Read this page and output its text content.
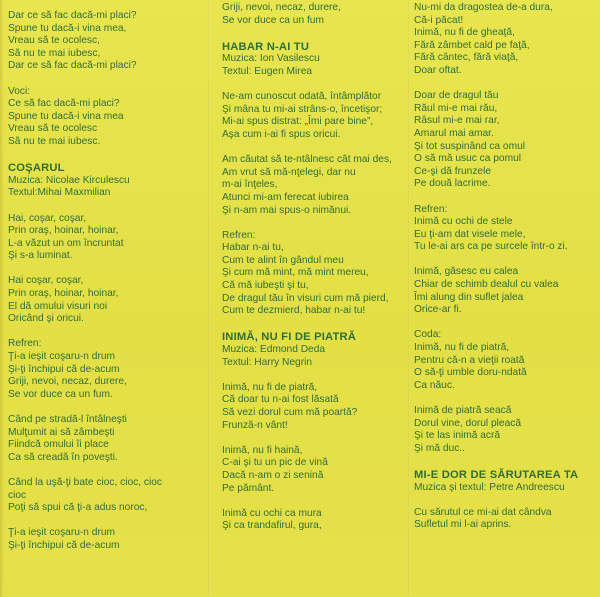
Dar ce să fac dacă-mi placi?
Spune tu dacă-i vina mea,
Vreau să te ocolesc,
Să nu te mai iubesc,
Dar ce să fac dacă-mi placi?
Voci:
Ce să fac dacă-mi placi?
Spune tu dacă-i vina mea
Vreau să te ocolesc
Să nu te mai iubesc.
COŞARUL
Muzica: Nicolae Kirculescu
Textul:Mihai Maxmilian
Hai, coşar, coşar,
Prin oraş, hoinar, hoinar,
L-a văzut un om încruntat
Şi s-a luminat.
Hai coşar, coşar,
Prin oraş, hoinar, hoinar,
El dă omului visuri noi
Oricând şi oricui.
Refren:
Ţi-a ieşit coşaru-n drum
Şi-ţi închipui că de-acum
Griji, nevoi, necaz, durere,
Se vor duce ca un fum.
Când pe stradă-l întâlneşti
Mulţumit ai să zâmbeşti
Fiindcă omului îi place
Ca să creadă în poveşti.
Când la uşă-ţi bate cioc, cioc, cioc
cioc
Poţi să spui că ţi-a adus noroc,
Ţi-a ieşit coşaru-n drum
Şi-ţi închipui că de-acum
Griji, nevoi, necaz, durere,
Se vor duce ca un fum
HABAR N-AI TU
Muzica: Ion Vasilescu
Textul: Eugen Mirea
Ne-am cunoscut odată, întâmplător
Şi mâna tu mi-ai strâns-o, încetişor;
Mi-ai spus distrat: „Îmi pare bine”,
Aşa cum i-ai fi spus oricui.
Am căutat să te-ntâlnesc cât mai des,
Am vrut să mă-nţelegi, dar nu
m-ai înţeles,
Atunci mi-am ferecat iubirea
Şi n-am mai spus-o nimănui.
Refren:
Habar n-ai tu,
Cum te alint în gândul meu
Şi cum mă mint, mă mint mereu,
Că mă iubeşti şi tu,
De dragul tău în visuri cum mă pierd,
Cum te dezmierd, habar n-ai tu!
INIMĂ, NU FI DE PIATRĂ
Muzica: Edmond Deda
Textul: Harry Negrin
Inimă, nu fi de piatră,
Că doar tu n-ai fost lăsată
Să vezi dorul cum mă poartă?
Frunză-n vânt!
Inimă, nu fi haină,
C-ai şi tu un pic de vină
Dacă n-am o zi senină
Pe pământ.
Inimă cu ochi ca mura
Şi ca trandafirul, gura,
Nu-mi da dragostea de-a dura,
Că-i păcat!
Inimă, nu fi de gheaţă,
Fără zâmbet cald pe faţă,
Fără cântec, fără viaţă,
Doar oftat.
Doar de dragul tău
Răul mi-e mai rău,
Râsul mi-e mai rar,
Amarul mai amar.
Şi tot suspinând ca omul
O să mă usuc ca pomul
Ce-şi dă frunzele
Pe două lacrime.
Refren:
Inimă cu ochi de stele
Eu ţi-am dat visele mele,
Tu le-ai ars ca pe surcele într-o zi.
Inimă, găsesc eu calea
Chiar de schimb dealul cu valea
Îmi alung din suflet jalea
Orice-ar fi.
Coda:
Inimă, nu fi de piatră,
Pentru că-n a vieţii roată
O să-ţi umble doru-ndată
Ca năuc.
Inimă de piatră seacă
Dorul vine, dorul pleacă
Şi te las inimă acră
Şi mă duc..
MI-E DOR DE SĂRUTAREA TA
Muzica şi textul: Petre Andreescu
Cu sărutul ce mi-ai dat cândva
Sufletul mi l-ai aprins.
